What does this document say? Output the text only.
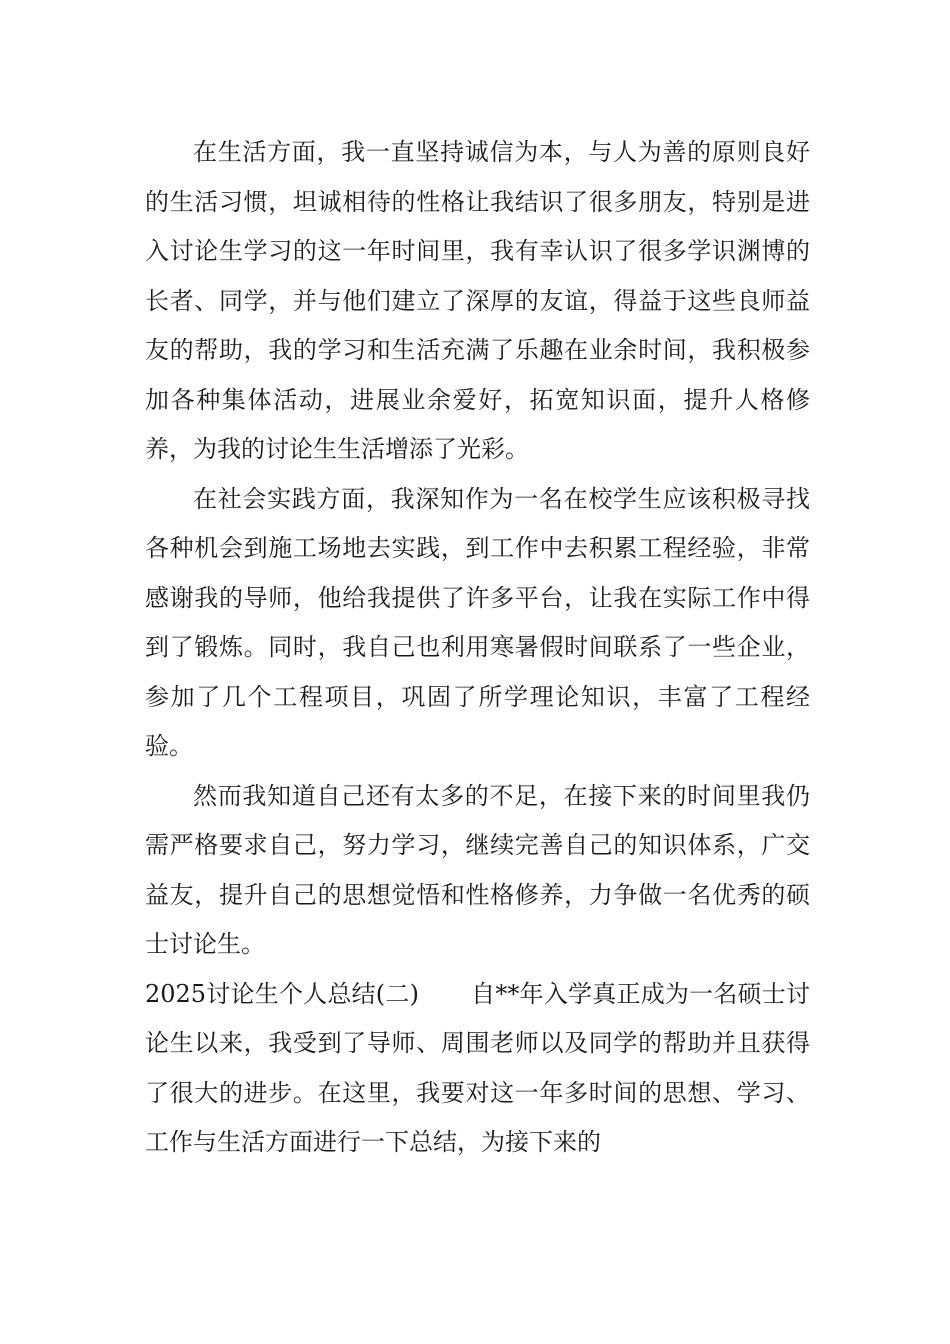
在生活方面，我一直坚持诚信为本，与人为善的原则良好的生活习惯，坦诚相待的性格让我结识了很多朋友，特别是进入讨论生学习的这一年时间里，我有幸认识了很多学识渊博的长者、同学，并与他们建立了深厚的友谊，得益于这些良师益友的帮助，我的学习和生活充满了乐趣在业余时间，我积极参加各种集体活动，进展业余爱好，拓宽知识面，提升人格修养，为我的讨论生生活增添了光彩。

在社会实践方面，我深知作为一名在校学生应该积极寻找各种机会到施工场地去实践，到工作中去积累工程经验，非常感谢我的导师，他给我提供了许多平台，让我在实际工作中得到了锻炼。同时，我自己也利用寒暑假时间联系了一些企业，参加了几个工程项目，巩固了所学理论知识，丰富了工程经验。

然而我知道自己还有太多的不足，在接下来的时间里我仍需严格要求自己，努力学习，继续完善自己的知识体系，广交益友，提升自己的思想觉悟和性格修养，力争做一名优秀的硕士讨论生。

2025讨论生个人总结(二) 自**年入学真正成为一名硕士讨论生以来，我受到了导师、周围老师以及同学的帮助并且获得了很大的进步。在这里，我要对这一年多时间的思想、学习、工作与生活方面进行一下总结，为接下来的
